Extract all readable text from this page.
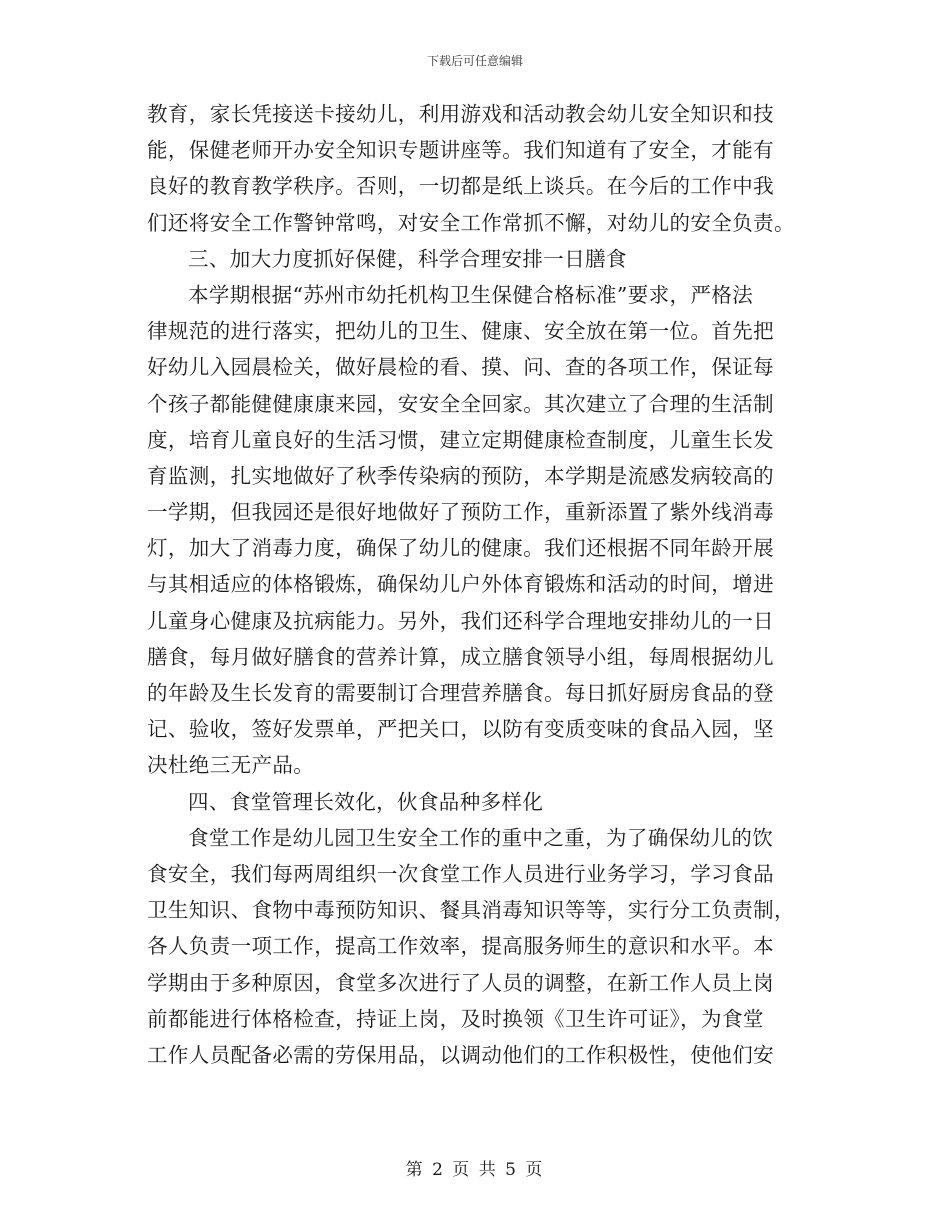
下载后可任意编辑
教育，家长凭接送卡接幼儿，利用游戏和活动教会幼儿安全知识和技
能，保健老师开办安全知识专题讲座等。我们知道有了安全，才能有
良好的教育教学秩序。否则，一切都是纸上谈兵。在今后的工作中我
们还将安全工作警钟常鸣，对安全工作常抓不懈，对幼儿的安全负责。
三、加大力度抓好保健，科学合理安排一日膳食
本学期根据“苏州市幼托机构卫生保健合格标准”要求，严格法
律规范的进行落实，把幼儿的卫生、健康、安全放在第一位。首先把
好幼儿入园晨检关，做好晨检的看、摸、问、查的各项工作，保证每
个孩子都能健健康康来园，安安全全回家。其次建立了合理的生活制
度，培育儿童良好的生活习惯，建立定期健康检查制度，儿童生长发
育监测，扎实地做好了秋季传染病的预防，本学期是流感发病较高的
一学期，但我园还是很好地做好了预防工作，重新添置了紫外线消毒
灯，加大了消毒力度，确保了幼儿的健康。我们还根据不同年龄开展
与其相适应的体格锻炼，确保幼儿户外体育锻炼和活动的时间，增进
儿童身心健康及抗病能力。另外，我们还科学合理地安排幼儿的一日
膳食，每月做好膳食的营养计算，成立膳食领导小组，每周根据幼儿
的年龄及生长发育的需要制订合理营养膳食。每日抓好厨房食品的登
记、验收，签好发票单，严把关口，以防有变质变味的食品入园，坚
决杜绝三无产品。
四、食堂管理长效化，伙食品种多样化
食堂工作是幼儿园卫生安全工作的重中之重，为了确保幼儿的饮
食安全，我们每两周组织一次食堂工作人员进行业务学习，学习食品
卫生知识、食物中毒预防知识、餐具消毒知识等等，实行分工负责制，
各人负责一项工作，提高工作效率，提高服务师生的意识和水平。本
学期由于多种原因，食堂多次进行了人员的调整，在新工作人员上岗
前都能进行体格检查，持证上岗，及时换领《卫生许可证》，为食堂
工作人员配备必需的劳保用品，以调动他们的工作积极性，使他们安
第 2 页 共 5 页
